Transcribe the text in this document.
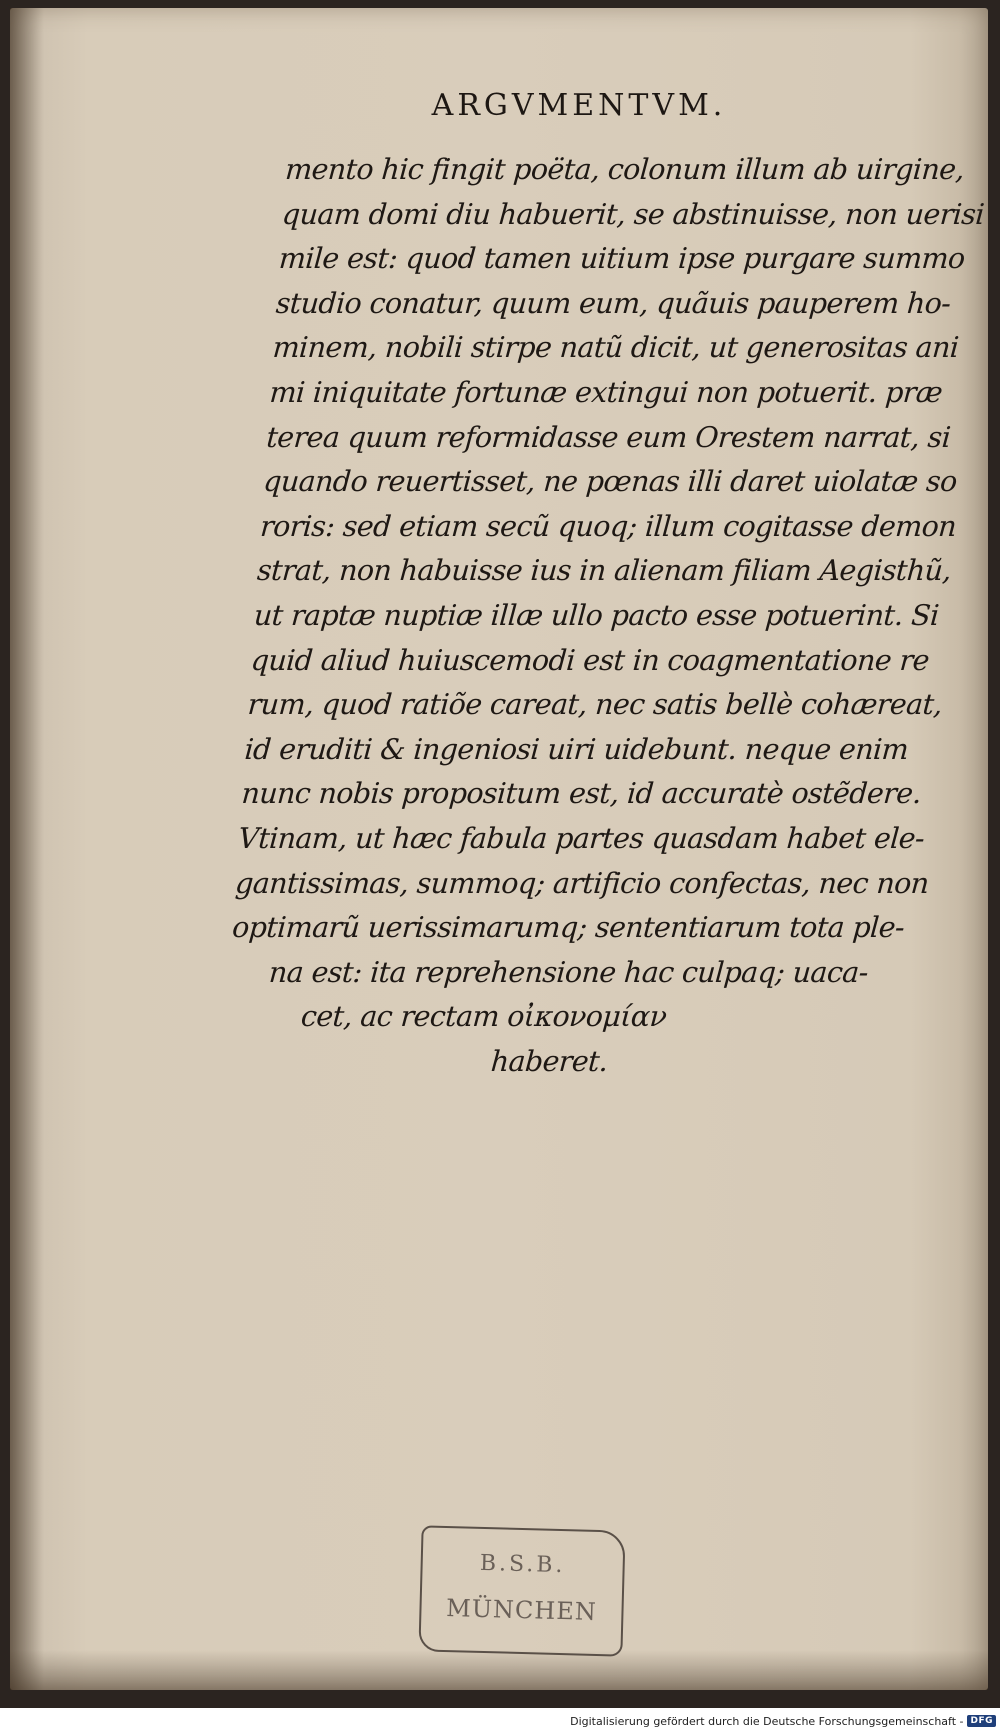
ARGVMENTVM.
mento hic fingit poëta, colonum illum ab uirgine,
quam domi diu habuerit, se abstinuisse, non uerisi
mile est: quod tamen uitium ipse purgare summo
studio conatur, quum eum, quãuis pauperem ho-
minem, nobili stirpe natũ dicit, ut generositas ani
mi iniquitate fortunæ extingui non potuerit. præ
terea quum reformidasse eum Orestem narrat, si
quando reuertisset, ne pœnas illi daret uiolatæ so
roris: sed etiam secũ quoq; illum cogitasse demon
strat, non habuisse ius in alienam filiam Aegisthũ,
ut raptæ nuptiæ illæ ullo pacto esse potuerint. Si
quid aliud huiuscemodi est in coagmentatione re
rum, quod ratiõe careat, nec satis bellè cohæreat,
id eruditi & ingeniosi uiri uidebunt. neque enim
nunc nobis propositum est, id accuratè ostẽdere.
Vtinam, ut hæc fabula partes quasdam habet ele-
gantissimas, summoq; artificio confectas, nec non
optimarũ uerissimarumq; sententiarum tota ple-
na est: ita reprehensione hac culpaq; uaca-
cet, ac rectam οἰκονομίαν
haberet.
B.S.B.
MÜNCHEN
Digitalisierung gefördert durch die Deutsche Forschungsgemeinschaft - DFG
